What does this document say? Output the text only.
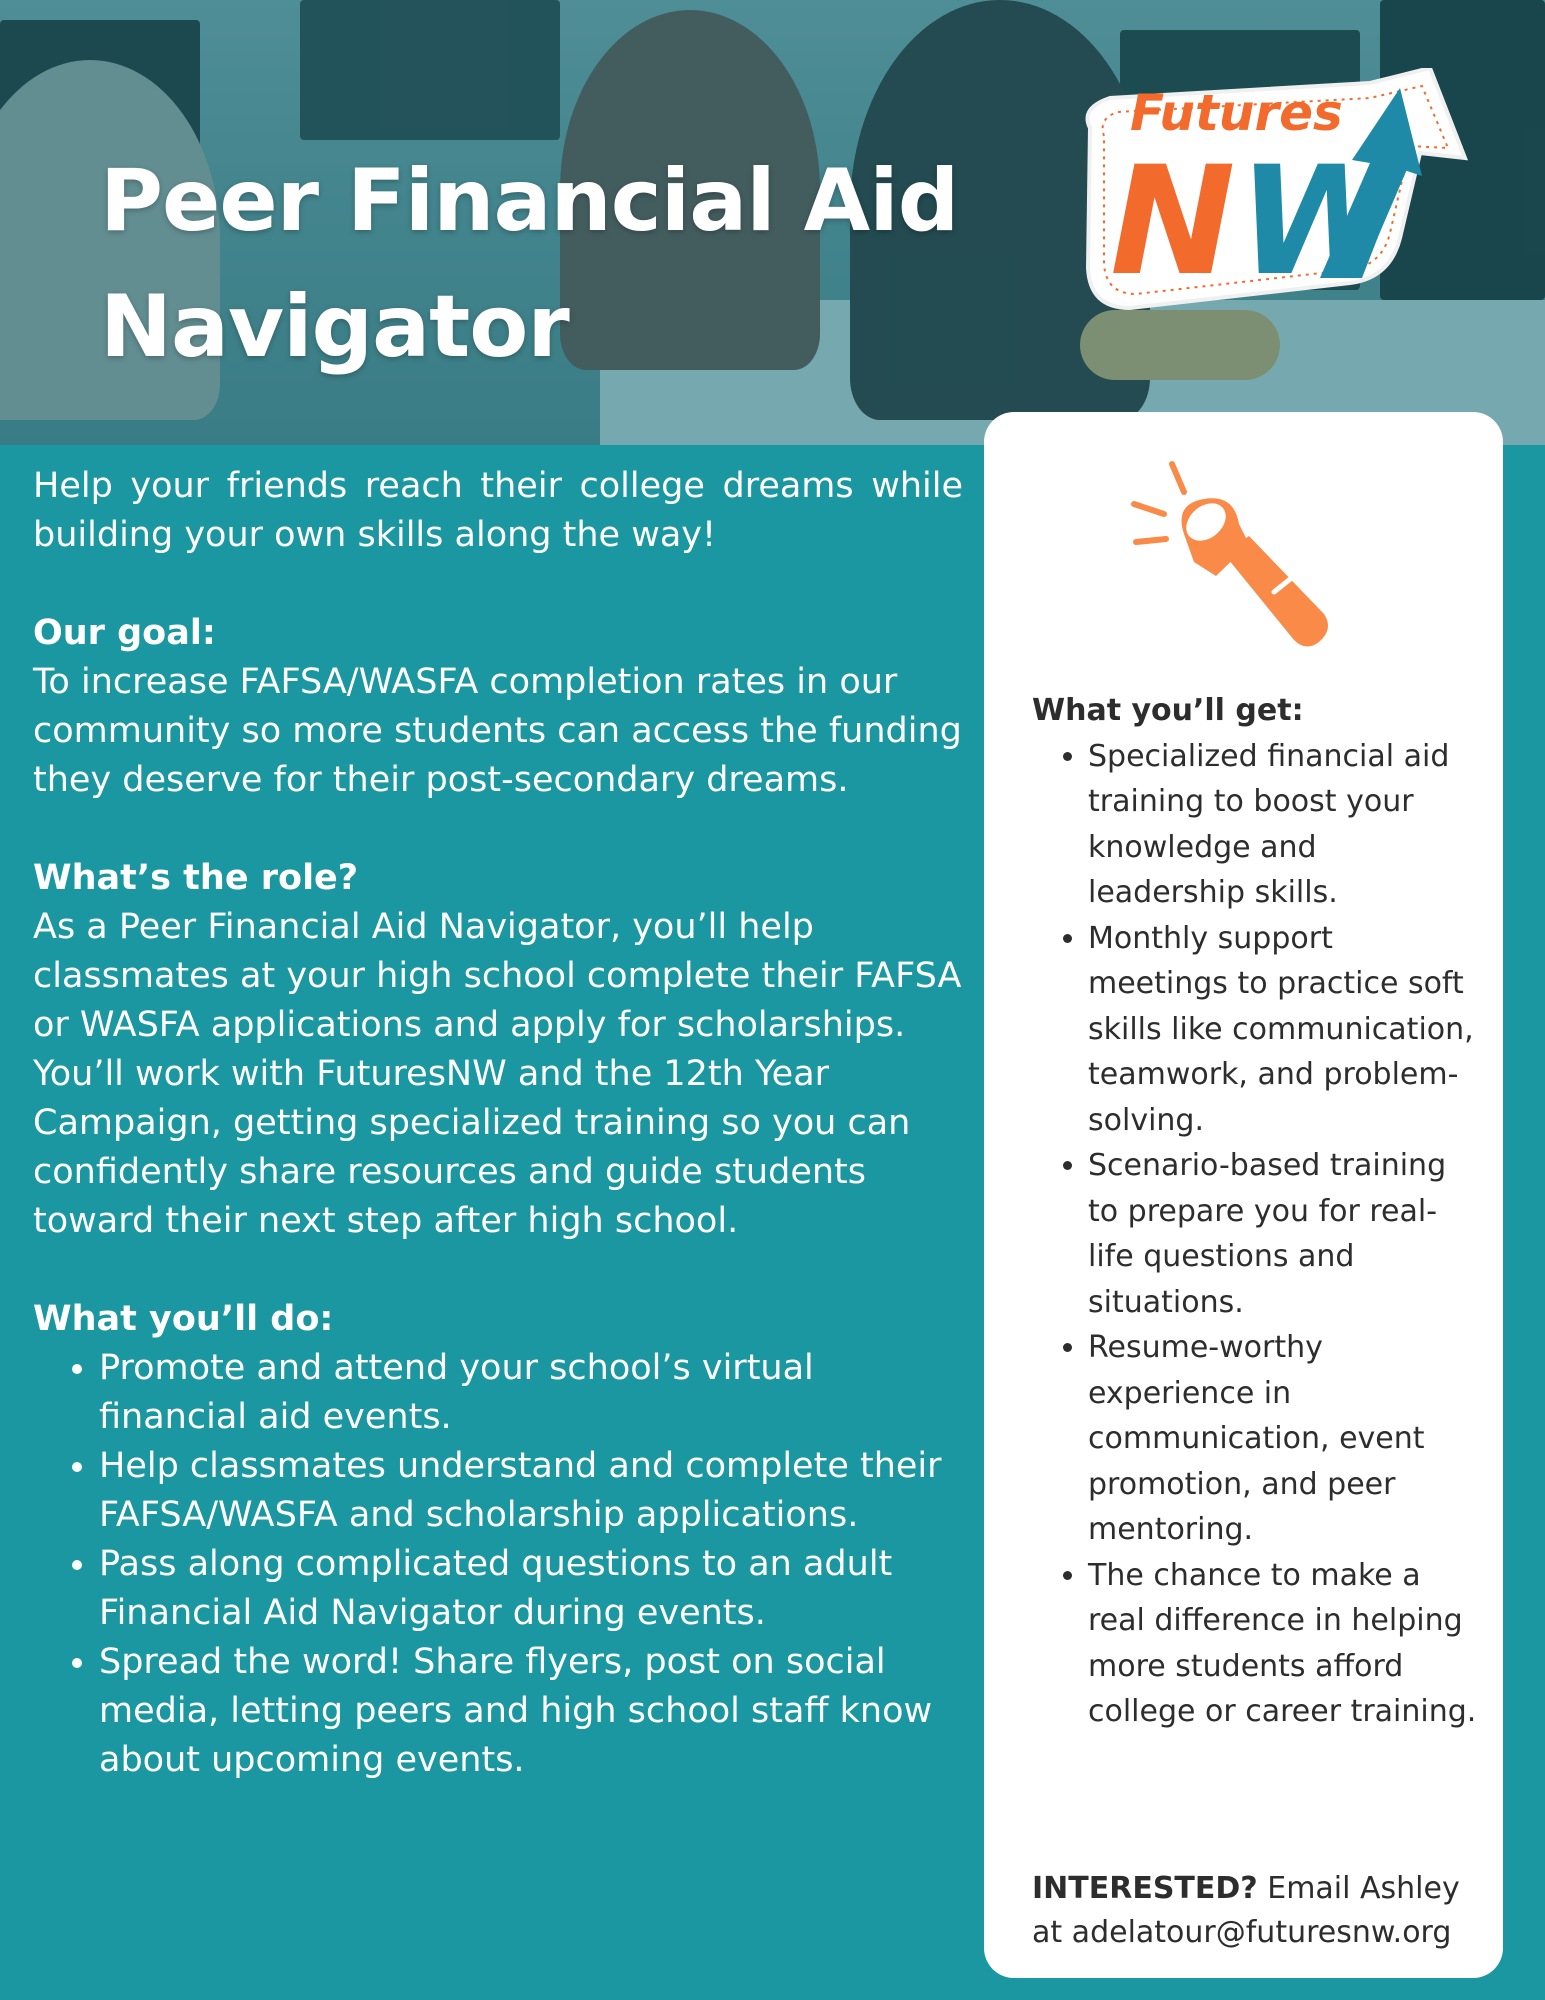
Peer Financial Aid
Navigator
Futures
N W

Help your friends reach their college dreams while building your own skills along the way!

Our goal:

To increase FAFSA/WASFA completion rates in our community so more students can access the funding they deserve for their post-secondary dreams.

What’s the role?

As a Peer Financial Aid Navigator, you’ll help classmates at your high school complete their FAFSA or WASFA applications and apply for scholarships. You’ll work with FuturesNW and the 12th Year Campaign, getting specialized training so you can confidently share resources and guide students toward their next step after high school.

What you’ll do:

• Promote and attend your school’s virtual financial aid events.
• Help classmates understand and complete their FAFSA/WASFA and scholarship applications.
• Pass along complicated questions to an adult Financial Aid Navigator during events.
• Spread the word! Share flyers, post on social media, letting peers and high school staff know about upcoming events.

What you’ll get:

• Specialized financial aid training to boost your knowledge and leadership skills.
• Monthly support meetings to practice soft skills like communication, teamwork, and problem-solving.
• Scenario-based training to prepare you for real-life questions and situations.
• Resume-worthy experience in communication, event promotion, and peer mentoring.
• The chance to make a real difference in helping more students afford college or career training.
INTERESTED? Email Ashley at adelatour@futuresnw.org
